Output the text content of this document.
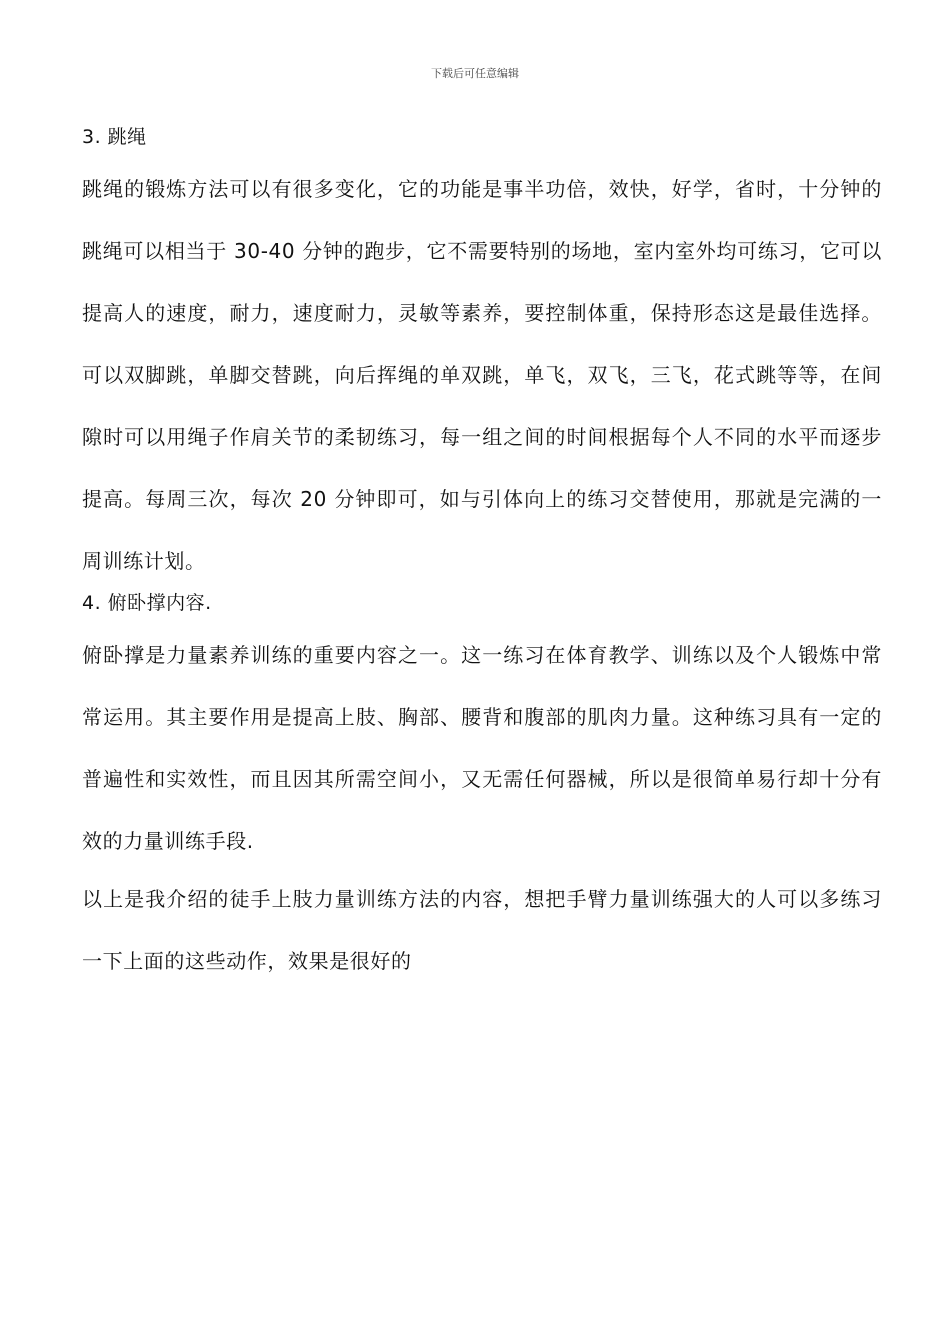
下载后可任意编辑
3. 跳绳

跳绳的锻炼方法可以有很多变化，它的功能是事半功倍，效快，好学，省时，十分钟的跳绳可以相当于 30-40 分钟的跑步，它不需要特别的场地，室内室外均可练习，它可以提高人的速度，耐力，速度耐力，灵敏等素养，要控制体重，保持形态这是最佳选择。可以双脚跳，单脚交替跳，向后挥绳的单双跳，单飞，双飞，三飞，花式跳等等，在间隙时可以用绳子作肩关节的柔韧练习，每一组之间的时间根据每个人不同的水平而逐步提高。每周三次，每次 20 分钟即可，如与引体向上的练习交替使用，那就是完满的一周训练计划。

4. 俯卧撑内容.

俯卧撑是力量素养训练的重要内容之一。这一练习在体育教学、训练以及个人锻炼中常常运用。其主要作用是提高上肢、胸部、腰背和腹部的肌肉力量。这种练习具有一定的普遍性和实效性，而且因其所需空间小，又无需任何器械，所以是很简单易行却十分有效的力量训练手段.

以上是我介绍的徒手上肢力量训练方法的内容，想把手臂力量训练强大的人可以多练习一下上面的这些动作，效果是很好的
